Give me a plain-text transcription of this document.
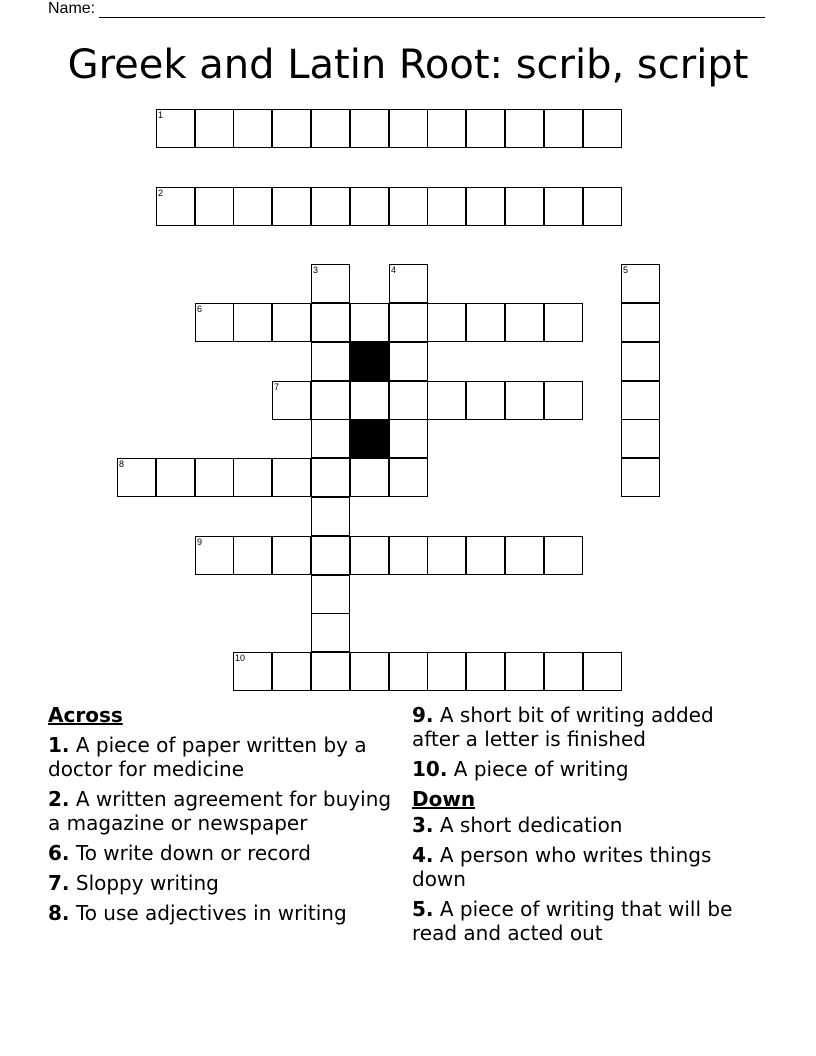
Name:
Greek and Latin Root: scrib, script
1
2
3	4	5
6
7
8
9
10
Across
1. A piece of paper written by a doctor for medicine
2. A written agreement for buying a magazine or newspaper
6. To write down or record
7. Sloppy writing
8. To use adjectives in writing
9. A short bit of writing added after a letter is finished
10. A piece of writing
Down
3. A short dedication
4. A person who writes things down
5. A piece of writing that will be read and acted out
